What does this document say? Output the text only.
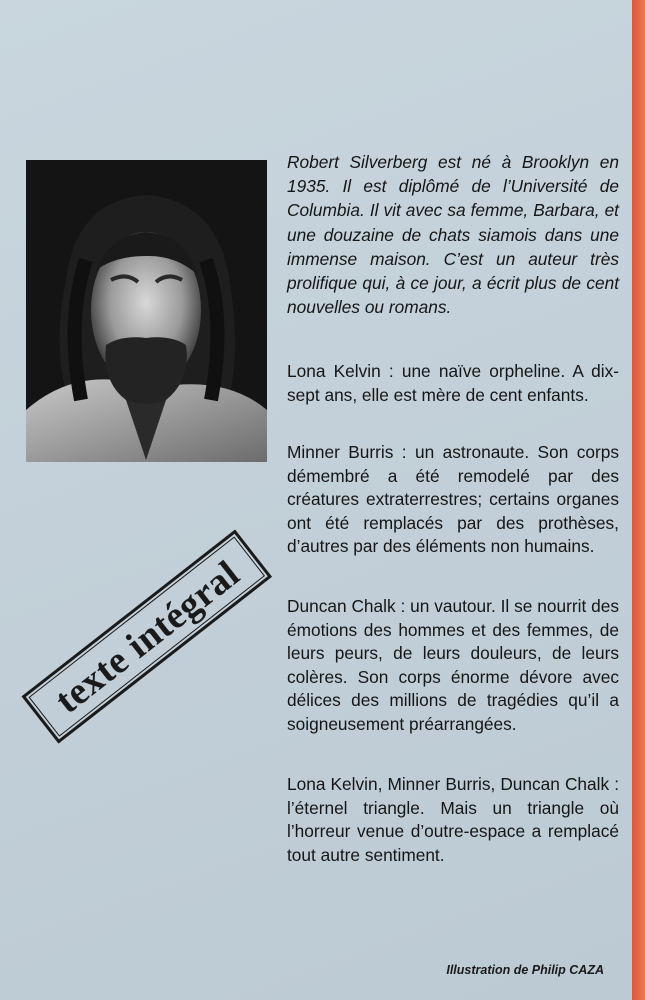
Robert Silverberg est né à Brooklyn en 1935. Il est diplômé de l’Université de Columbia. Il vit avec sa femme, Barbara, et une douzaine de chats siamois dans une immense maison. C’est un auteur très prolifique qui, à ce jour, a écrit plus de cent nouvelles ou romans.

Lona Kelvin : une naïve orpheline. A dix-sept ans, elle est mère de cent enfants.

Minner Burris : un astronaute. Son corps démembré a été remodelé par des créatures extraterrestres; certains organes ont été remplacés par des prothèses, d’autres par des éléments non humains.

Duncan Chalk : un vautour. Il se nourrit des émotions des hommes et des femmes, de leurs peurs, de leurs douleurs, de leurs colères. Son corps énorme dévore avec délices des millions de tragédies qu’il a soigneusement préarrangées.

Lona Kelvin, Minner Burris, Duncan Chalk : l’éternel triangle. Mais un triangle où l’horreur venue d’outre-espace a remplacé tout autre sentiment.

texte intégral
Illustration de Philip CAZA
